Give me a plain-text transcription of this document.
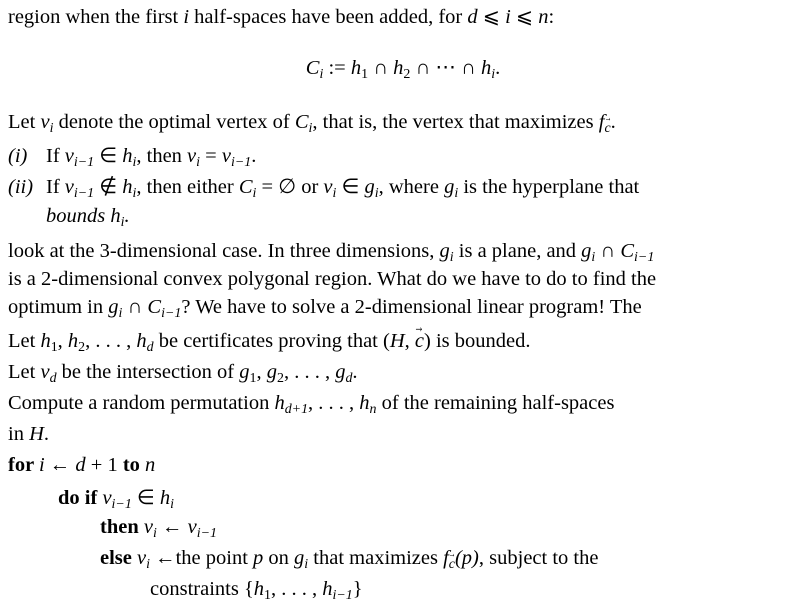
region when the first i half-spaces have been added, for d ⩽ i ⩽ n:
$C_i$ := h1 ∩ h2 ∩ ⋯ ∩ $h_i$.
Let $v_i$ denote the optimal vertex of $C_i$, that is, the vertex that maximizes fc →.
(i) If $v_{i-1}$ ∈ $h_i$, then $v_i = v_{i-1}$.
(ii) If $v_{i-1}$ ∉ $h_i$, then either $C_i$ = ∅ or $v_i$ ∈ $g_i$, where $g_i$ is the hyperplane that
bounds $h_i$.
look at the 3-dimensional case. In three dimensions, $g_i$ is a plane, and $g_i$ ∩ $C_{i-1}$
is a 2-dimensional convex polygonal region. What do we have to do to find the
optimum in $g_i$ ∩ $C_{i-1}$? We have to solve a 2-dimensional linear program! The
Let h1, h2, . . . , $h_d$ be certificates proving that (H, c →) is bounded.
Let $v_d$ be the intersection of g1, g2, . . . , $g_d$.
Compute a random permutation $h_{d+1}$, . . . , $h_n$ of the remaining half-spaces
in H.
for i ← d + 1 to n
do if $v_{i-1}$ ∈ $h_i$
then $v_i$ ← $v_{i-1}$
else $v_i$ ←the point p on $g_i$ that maximizes fc →(p), subject to the
constraints {h1, . . . , $h_{i-1}$}
